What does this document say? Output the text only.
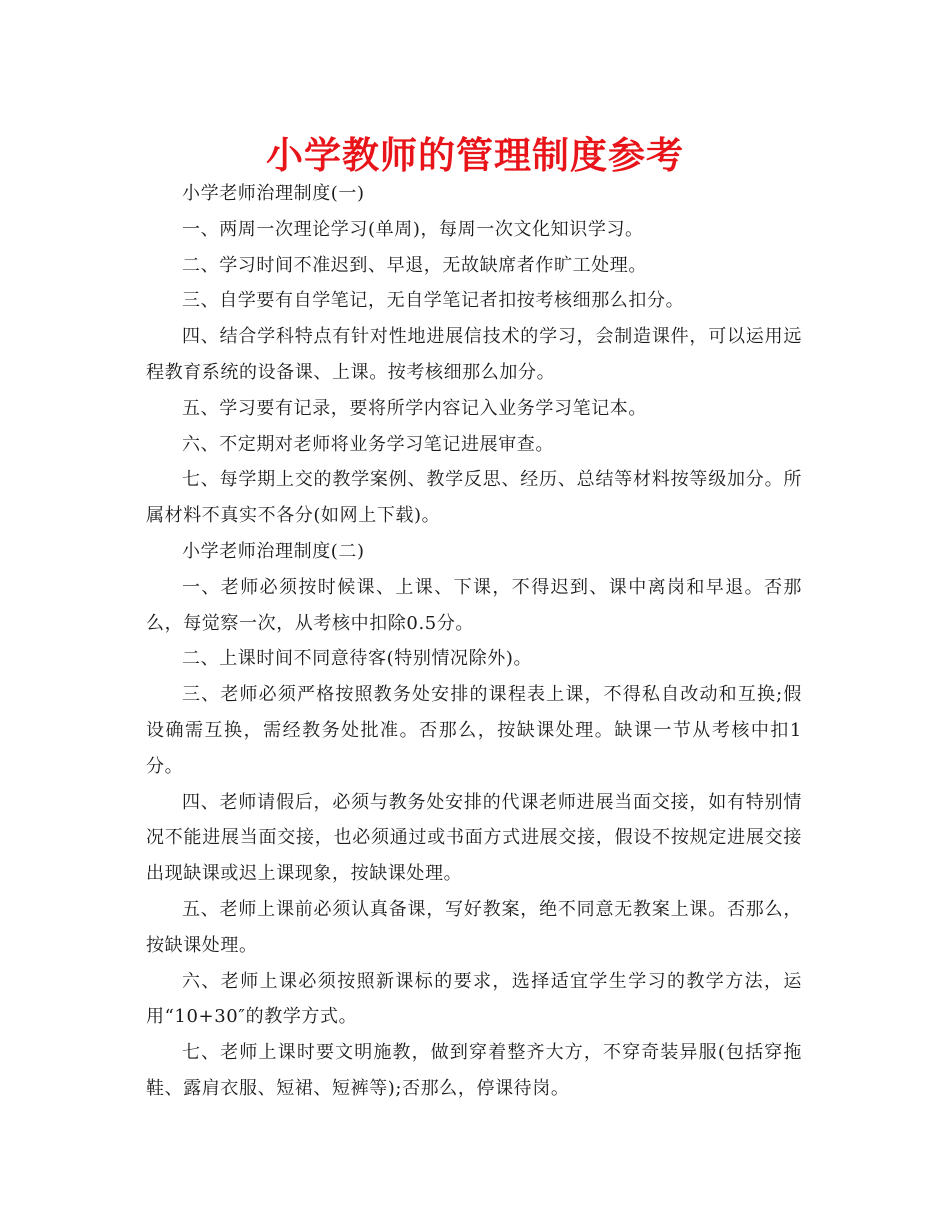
小学教师的管理制度参考

小学老师治理制度(一)

一、两周一次理论学习(单周)，每周一次文化知识学习。

二、学习时间不准迟到、早退，无故缺席者作旷工处理。

三、自学要有自学笔记，无自学笔记者扣按考核细那么扣分。

四、结合学科特点有针对性地进展信技术的学习，会制造课件，可以运用远程教育系统的设备课、上课。按考核细那么加分。

五、学习要有记录，要将所学内容记入业务学习笔记本。

六、不定期对老师将业务学习笔记进展审查。

七、每学期上交的教学案例、教学反思、经历、总结等材料按等级加分。所属材料不真实不各分(如网上下载)。

小学老师治理制度(二)

一、老师必须按时候课、上课、下课，不得迟到、课中离岗和早退。否那么，每觉察一次，从考核中扣除0.5分。

二、上课时间不同意待客(特别情况除外)。

三、老师必须严格按照教务处安排的课程表上课，不得私自改动和互换;假设确需互换，需经教务处批准。否那么，按缺课处理。缺课一节从考核中扣1分。

四、老师请假后，必须与教务处安排的代课老师进展当面交接，如有特别情况不能进展当面交接，也必须通过或书面方式进展交接，假设不按规定进展交接出现缺课或迟上课现象，按缺课处理。

五、老师上课前必须认真备课，写好教案，绝不同意无教案上课。否那么，按缺课处理。

六、老师上课必须按照新课标的要求，选择适宜学生学习的教学方法，运用“10+30″的教学方式。

七、老师上课时要文明施教，做到穿着整齐大方，不穿奇装异服(包括穿拖鞋、露肩衣服、短裙、短裤等);否那么，停课待岗。
